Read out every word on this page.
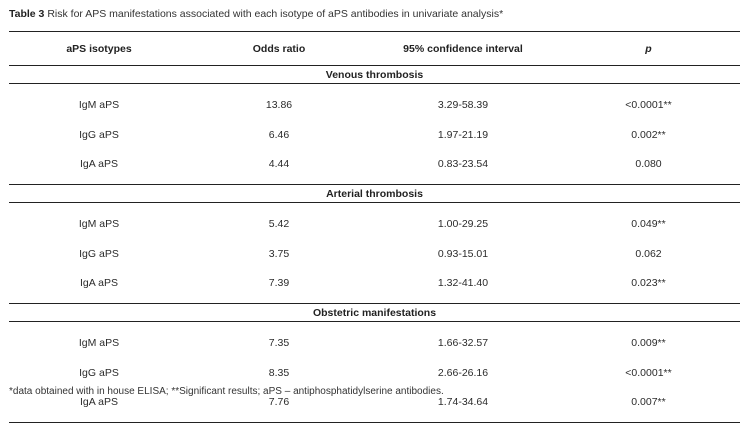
Table 3 Risk for APS manifestations associated with each isotype of aPS antibodies in univariate analysis*
aPS isotypes	Odds ratio	95% confidence interval	p
Venous thrombosis			
IgM aPS	13.86	3.29-58.39	<0.0001**
IgG aPS	6.46	1.97-21.19	0.002**
IgA aPS	4.44	0.83-23.54	0.080
Arterial thrombosis			
IgM aPS	5.42	1.00-29.25	0.049**
IgG aPS	3.75	0.93-15.01	0.062
IgA aPS	7.39	1.32-41.40	0.023**
Obstetric manifestations			
IgM aPS	7.35	1.66-32.57	0.009**
IgG aPS	8.35	2.66-26.16	<0.0001**
IgA aPS	7.76	1.74-34.64	0.007**
*data obtained with in house ELISA; **Significant results; aPS – antiphosphatidylserine antibodies.
